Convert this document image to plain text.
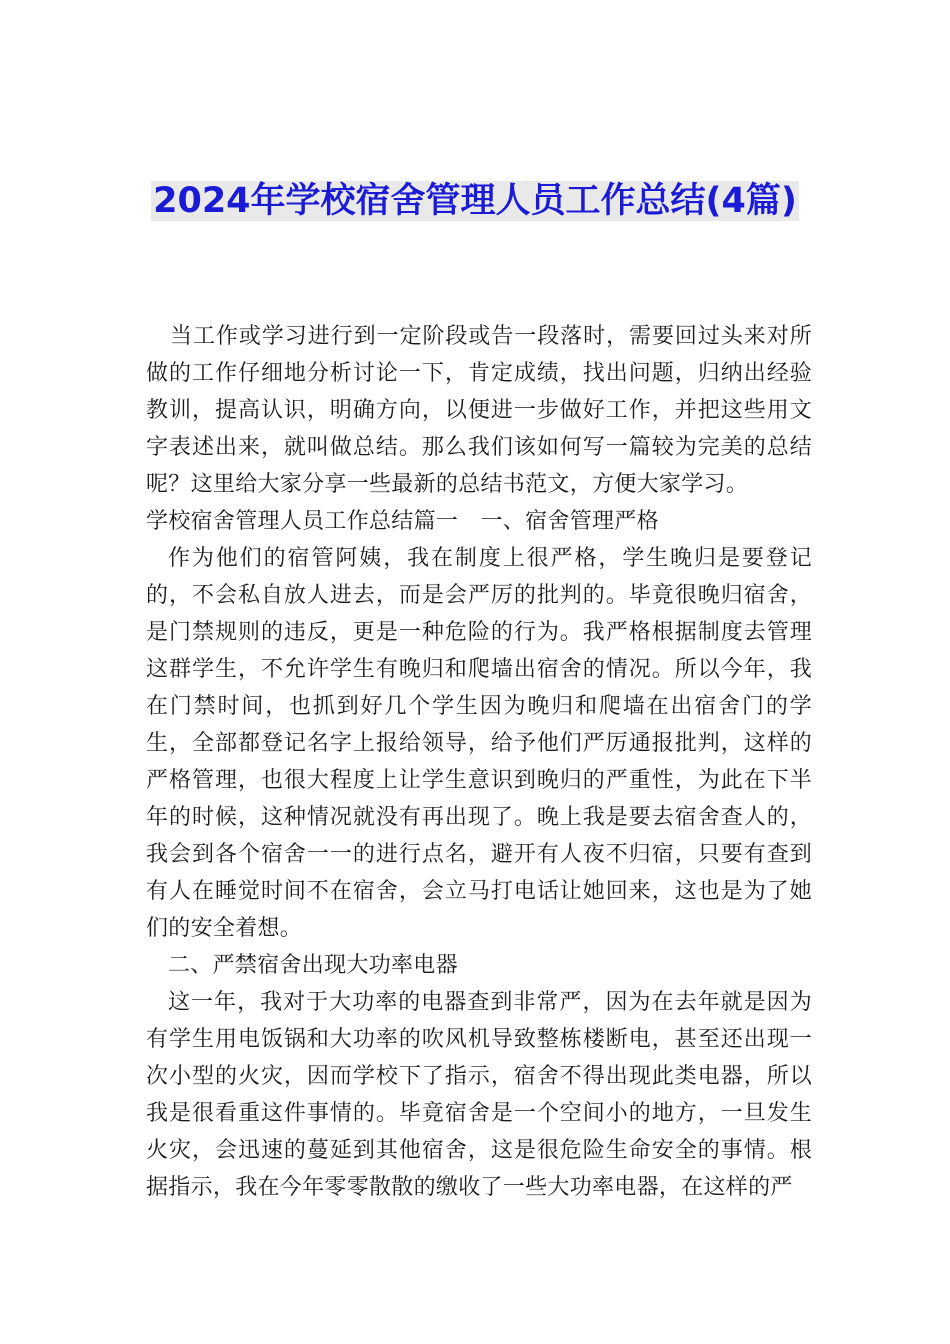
2024年学校宿舍管理人员工作总结(4篇)

当工作或学习进行到一定阶段或告一段落时，需要回过头来对所做的工作仔细地分析讨论一下，肯定成绩，找出问题，归纳出经验教训，提高认识，明确方向，以便进一步做好工作，并把这些用文字表述出来，就叫做总结。那么我们该如何写一篇较为完美的总结呢？这里给大家分享一些最新的总结书范文，方便大家学习。

学校宿舍管理人员工作总结篇一　一、宿舍管理严格

作为他们的宿管阿姨，我在制度上很严格，学生晚归是要登记的，不会私自放人进去，而是会严厉的批判的。毕竟很晚归宿舍，是门禁规则的违反，更是一种危险的行为。我严格根据制度去管理这群学生，不允许学生有晚归和爬墙出宿舍的情况。所以今年，我在门禁时间，也抓到好几个学生因为晚归和爬墙在出宿舍门的学生，全部都登记名字上报给领导，给予他们严厉通报批判，这样的严格管理，也很大程度上让学生意识到晚归的严重性，为此在下半年的时候，这种情况就没有再出现了。晚上我是要去宿舍查人的，我会到各个宿舍一一的进行点名，避开有人夜不归宿，只要有查到有人在睡觉时间不在宿舍，会立马打电话让她回来，这也是为了她们的安全着想。

二、严禁宿舍出现大功率电器

这一年，我对于大功率的电器查到非常严，因为在去年就是因为有学生用电饭锅和大功率的吹风机导致整栋楼断电，甚至还出现一次小型的火灾，因而学校下了指示，宿舍不得出现此类电器，所以我是很看重这件事情的。毕竟宿舍是一个空间小的地方，一旦发生火灾，会迅速的蔓延到其他宿舍，这是很危险生命安全的事情。根据指示，我在今年零零散散的缴收了一些大功率电器，在这样的严
